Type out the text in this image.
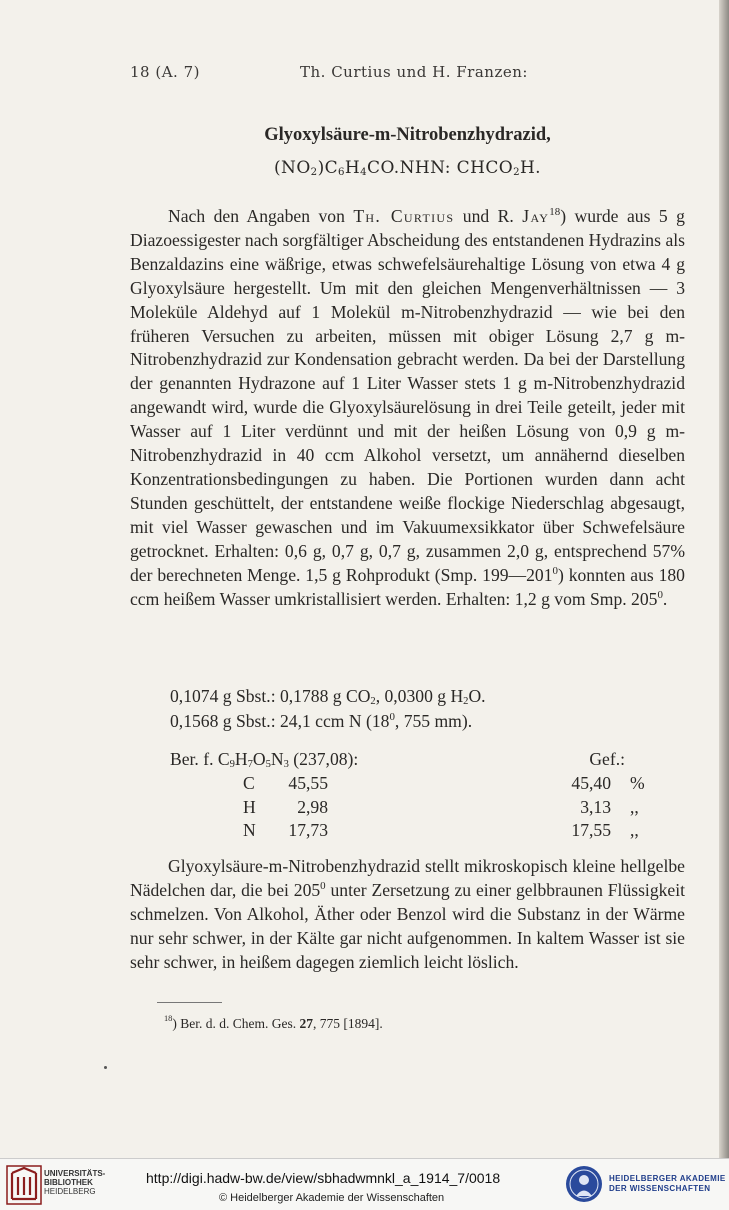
18 (A. 7)	Th. Curtius und H. Franzen:
Glyoxylsäure-m-Nitrobenzhydrazid,
$(NO_2)C_6H_4CO.NHN$: $CHCO_2H$.
Nach den Angaben von Th. Curtius und R. Jay$^{18}$) wurde aus 5 g Diazoessigester nach sorgfältiger Abscheidung des entstandenen Hydrazins als Benzaldazins eine wäßrige, etwas schwefelsäurehaltige Lösung von etwa 4 g Glyoxylsäure hergestellt. Um mit den gleichen Mengenverhältnissen — 3 Moleküle Aldehyd auf 1 Molekül m-Nitrobenzhydrazid — wie bei den früheren Versuchen zu arbeiten, müssen mit obiger Lösung 2,7 g m-Nitrobenzhydrazid zur Kondensation gebracht werden. Da bei der Darstellung der genannten Hydrazone auf 1 Liter Wasser stets 1 g m-Nitrobenzhydrazid angewandt wird, wurde die Glyoxylsäurelösung in drei Teile geteilt, jeder mit Wasser auf 1 Liter verdünnt und mit der heißen Lösung von 0,9 g m-Nitrobenzhydrazid in 40 ccm Alkohol versetzt, um annähernd dieselben Konzentrationsbedingungen zu haben. Die Portionen wurden dann acht Stunden geschüttelt, der entstandene weiße flockige Niederschlag abgesaugt, mit viel Wasser gewaschen und im Vakuumexsikkator über Schwefelsäure getrocknet. Erhalten: 0,6 g, 0,7 g, 0,7 g, zusammen 2,0 g, entsprechend 57% der berechneten Menge. 1,5 g Rohprodukt (Smp. $199—201^0$) konnten aus 180 ccm heißem Wasser umkristallisiert werden. Erhalten: 1,2 g vom Smp. $205^0$.
0,1074 g Sbst.: 0,1788 g $CO_2$, 0,0300 g $H_2O$.
0,1568 g Sbst.: 24,1 ccm N ($18^0$, 755 mm).
Ber. f. $C_9H_7O_5N_3$ (237,08):	Gef.:
C	45,55	45,40 %
H	2,98	3,13 ,,
N	17,73	17,55 ,,
Glyoxylsäure-m-Nitrobenzhydrazid stellt mikroskopisch kleine hellgelbe Nädelchen dar, die bei $205^0$ unter Zersetzung zu einer gelbbraunen Flüssigkeit schmelzen. Von Alkohol, Äther oder Benzol wird die Substanz in der Wärme nur sehr schwer, in der Kälte gar nicht aufgenommen. In kaltem Wasser ist sie sehr schwer, in heißem dagegen ziemlich leicht löslich.
$^{18}$) Ber. d. d. Chem. Ges. 27, 775 [1894].
UNIVERSITÄTS-
BIBLIOTHEK
HEIDELBERG
http://digi.hadw-bw.de/view/sbhadwmnkl_a_1914_7/0018
© Heidelberger Akademie der Wissenschaften
HEIDELBERGER AKADEMIE
DER WISSENSCHAFTEN
